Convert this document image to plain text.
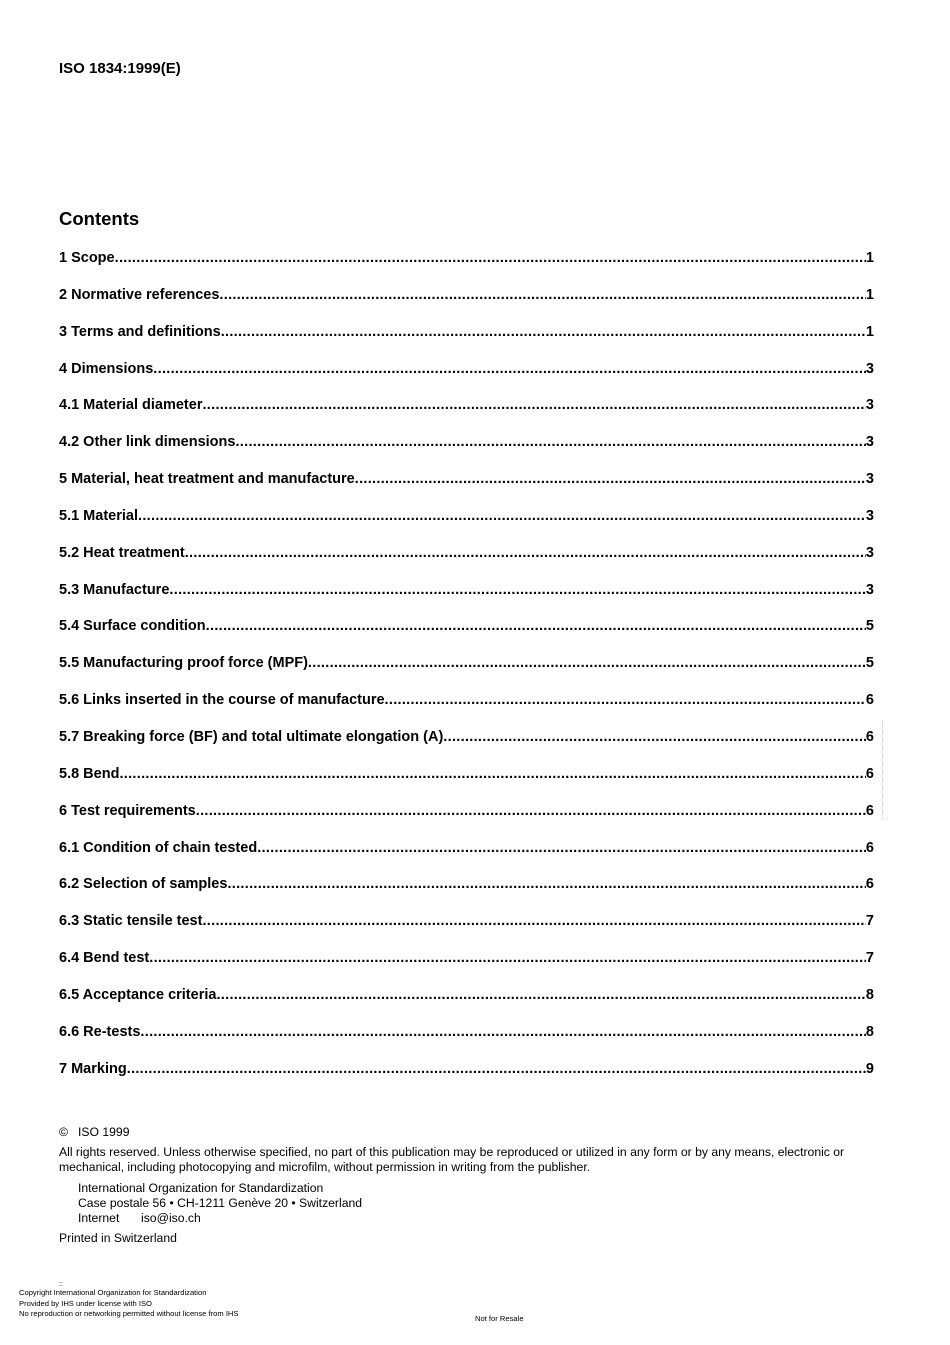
ISO 1834:1999(E)
Contents
1 Scope .....	1
2 Normative references .....	1
3 Terms and definitions .....	1
4 Dimensions .....	3
4.1 Material diameter .....	3
4.2 Other link dimensions .....	3
5 Material, heat treatment and manufacture .....	3
5.1 Material .....	3
5.2 Heat treatment .....	3
5.3 Manufacture .....	3
5.4 Surface condition .....	5
5.5 Manufacturing proof force (MPF) .....	5
5.6 Links inserted in the course of manufacture .....	6
5.7 Breaking force (BF) and total ultimate elongation (A) .....	6
5.8 Bend .....	6
6 Test requirements .....	6
6.1 Condition of chain tested .....	6
6.2 Selection of samples .....	6
6.3 Static tensile test .....	7
6.4 Bend test .....	7
6.5 Acceptance criteria .....	8
6.6 Re-tests .....	8
7 Marking .....	9

© ISO 1999

All rights reserved. Unless otherwise specified, no part of this publication may be reproduced or utilized in any form or by any means, electronic or mechanical, including photocopying and microfilm, without permission in writing from the publisher.

International Organization for Standardization
Case postale 56 • CH-1211 Genève 20 • Switzerland
Internet iso@iso.ch

Printed in Switzerland

::
Copyright International Organization for Standardization
Provided by IHS under license with ISO
No reproduction or networking permitted without license from IHS
Not for Resale
